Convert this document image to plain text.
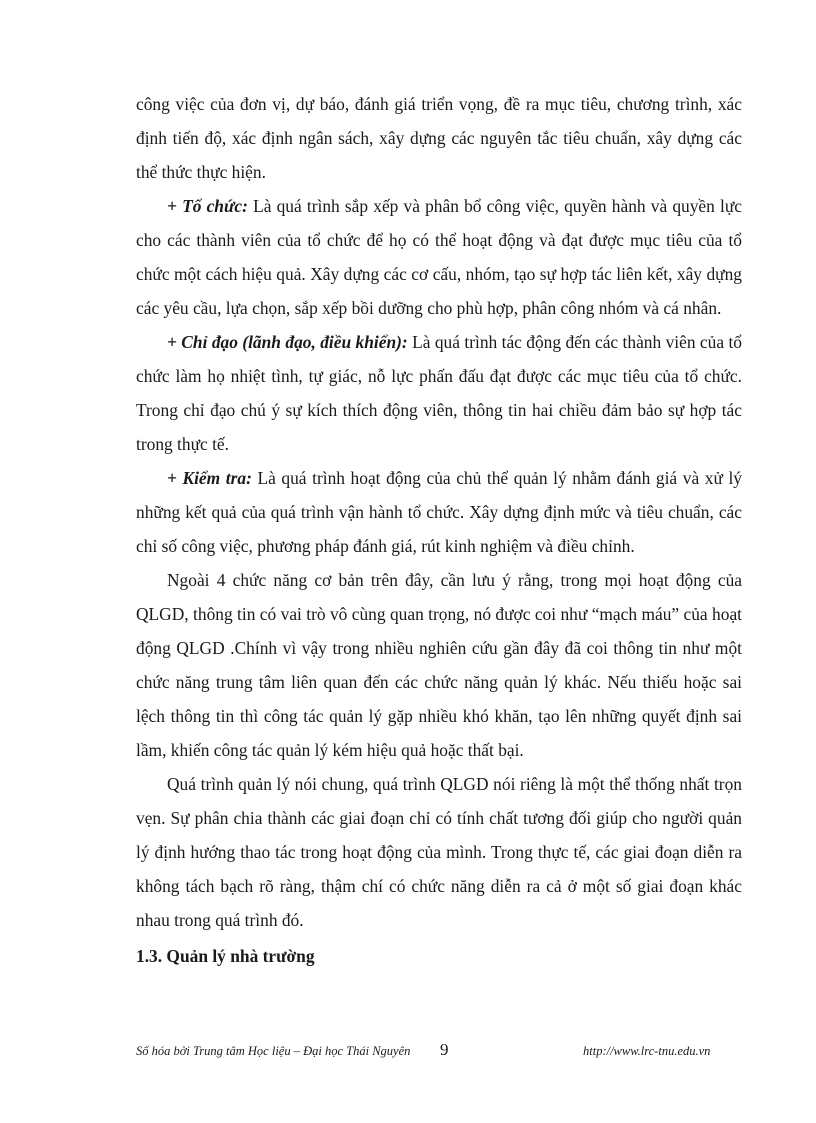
công việc của đơn vị, dự báo, đánh giá triển vọng, đề ra mục tiêu, chương trình, xác định tiến độ, xác định ngân sách, xây dựng các nguyên tắc tiêu chuẩn, xây dựng các thể thức thực hiện.

+ Tổ chức: Là quá trình sắp xếp và phân bổ công việc, quyền hành và quyền lực cho các thành viên của tổ chức để họ có thể hoạt động và đạt được mục tiêu của tổ chức một cách hiệu quả. Xây dựng các cơ cấu, nhóm, tạo sự hợp tác liên kết, xây dựng các yêu cầu, lựa chọn, sắp xếp bồi dưỡng cho phù hợp, phân công nhóm và cá nhân.

+ Chỉ đạo (lãnh đạo, điều khiển): Là quá trình tác động đến các thành viên của tổ chức làm họ nhiệt tình, tự giác, nỗ lực phấn đấu đạt được các mục tiêu của tổ chức. Trong chỉ đạo chú ý sự kích thích động viên, thông tin hai chiều đảm bảo sự hợp tác trong thực tế.

+ Kiểm tra: Là quá trình hoạt động của chủ thể quản lý nhằm đánh giá và xử lý những kết quả của quá trình vận hành tổ chức. Xây dựng định mức và tiêu chuẩn, các chỉ số công việc, phương pháp đánh giá, rút kinh nghiệm và điều chỉnh.

Ngoài 4 chức năng cơ bản trên đây, cần lưu ý rằng, trong mọi hoạt động của QLGD, thông tin có vai trò vô cùng quan trọng, nó được coi như “mạch máu” của hoạt động QLGD .Chính vì vậy trong nhiều nghiên cứu gần đây đã coi thông tin như một chức năng trung tâm liên quan đến các chức năng quản lý khác. Nếu thiếu hoặc sai lệch thông tin thì công tác quản lý gặp nhiều khó khăn, tạo lên những quyết định sai lầm, khiến công tác quản lý kém hiệu quả hoặc thất bại.

Quá trình quản lý nói chung, quá trình QLGD nói riêng là một thể thống nhất trọn vẹn. Sự phân chia thành các giai đoạn chỉ có tính chất tương đối giúp cho người quản lý định hướng thao tác trong hoạt động của mình. Trong thực tế, các giai đoạn diễn ra không tách bạch rõ ràng, thậm chí có chức năng diễn ra cả ở một số giai đoạn khác nhau trong quá trình đó.

1.3. Quản lý nhà trường
Số hóa bởi Trung tâm Học liệu – Đại học Thái Nguyên 9	http://www.lrc-tnu.edu.vn
